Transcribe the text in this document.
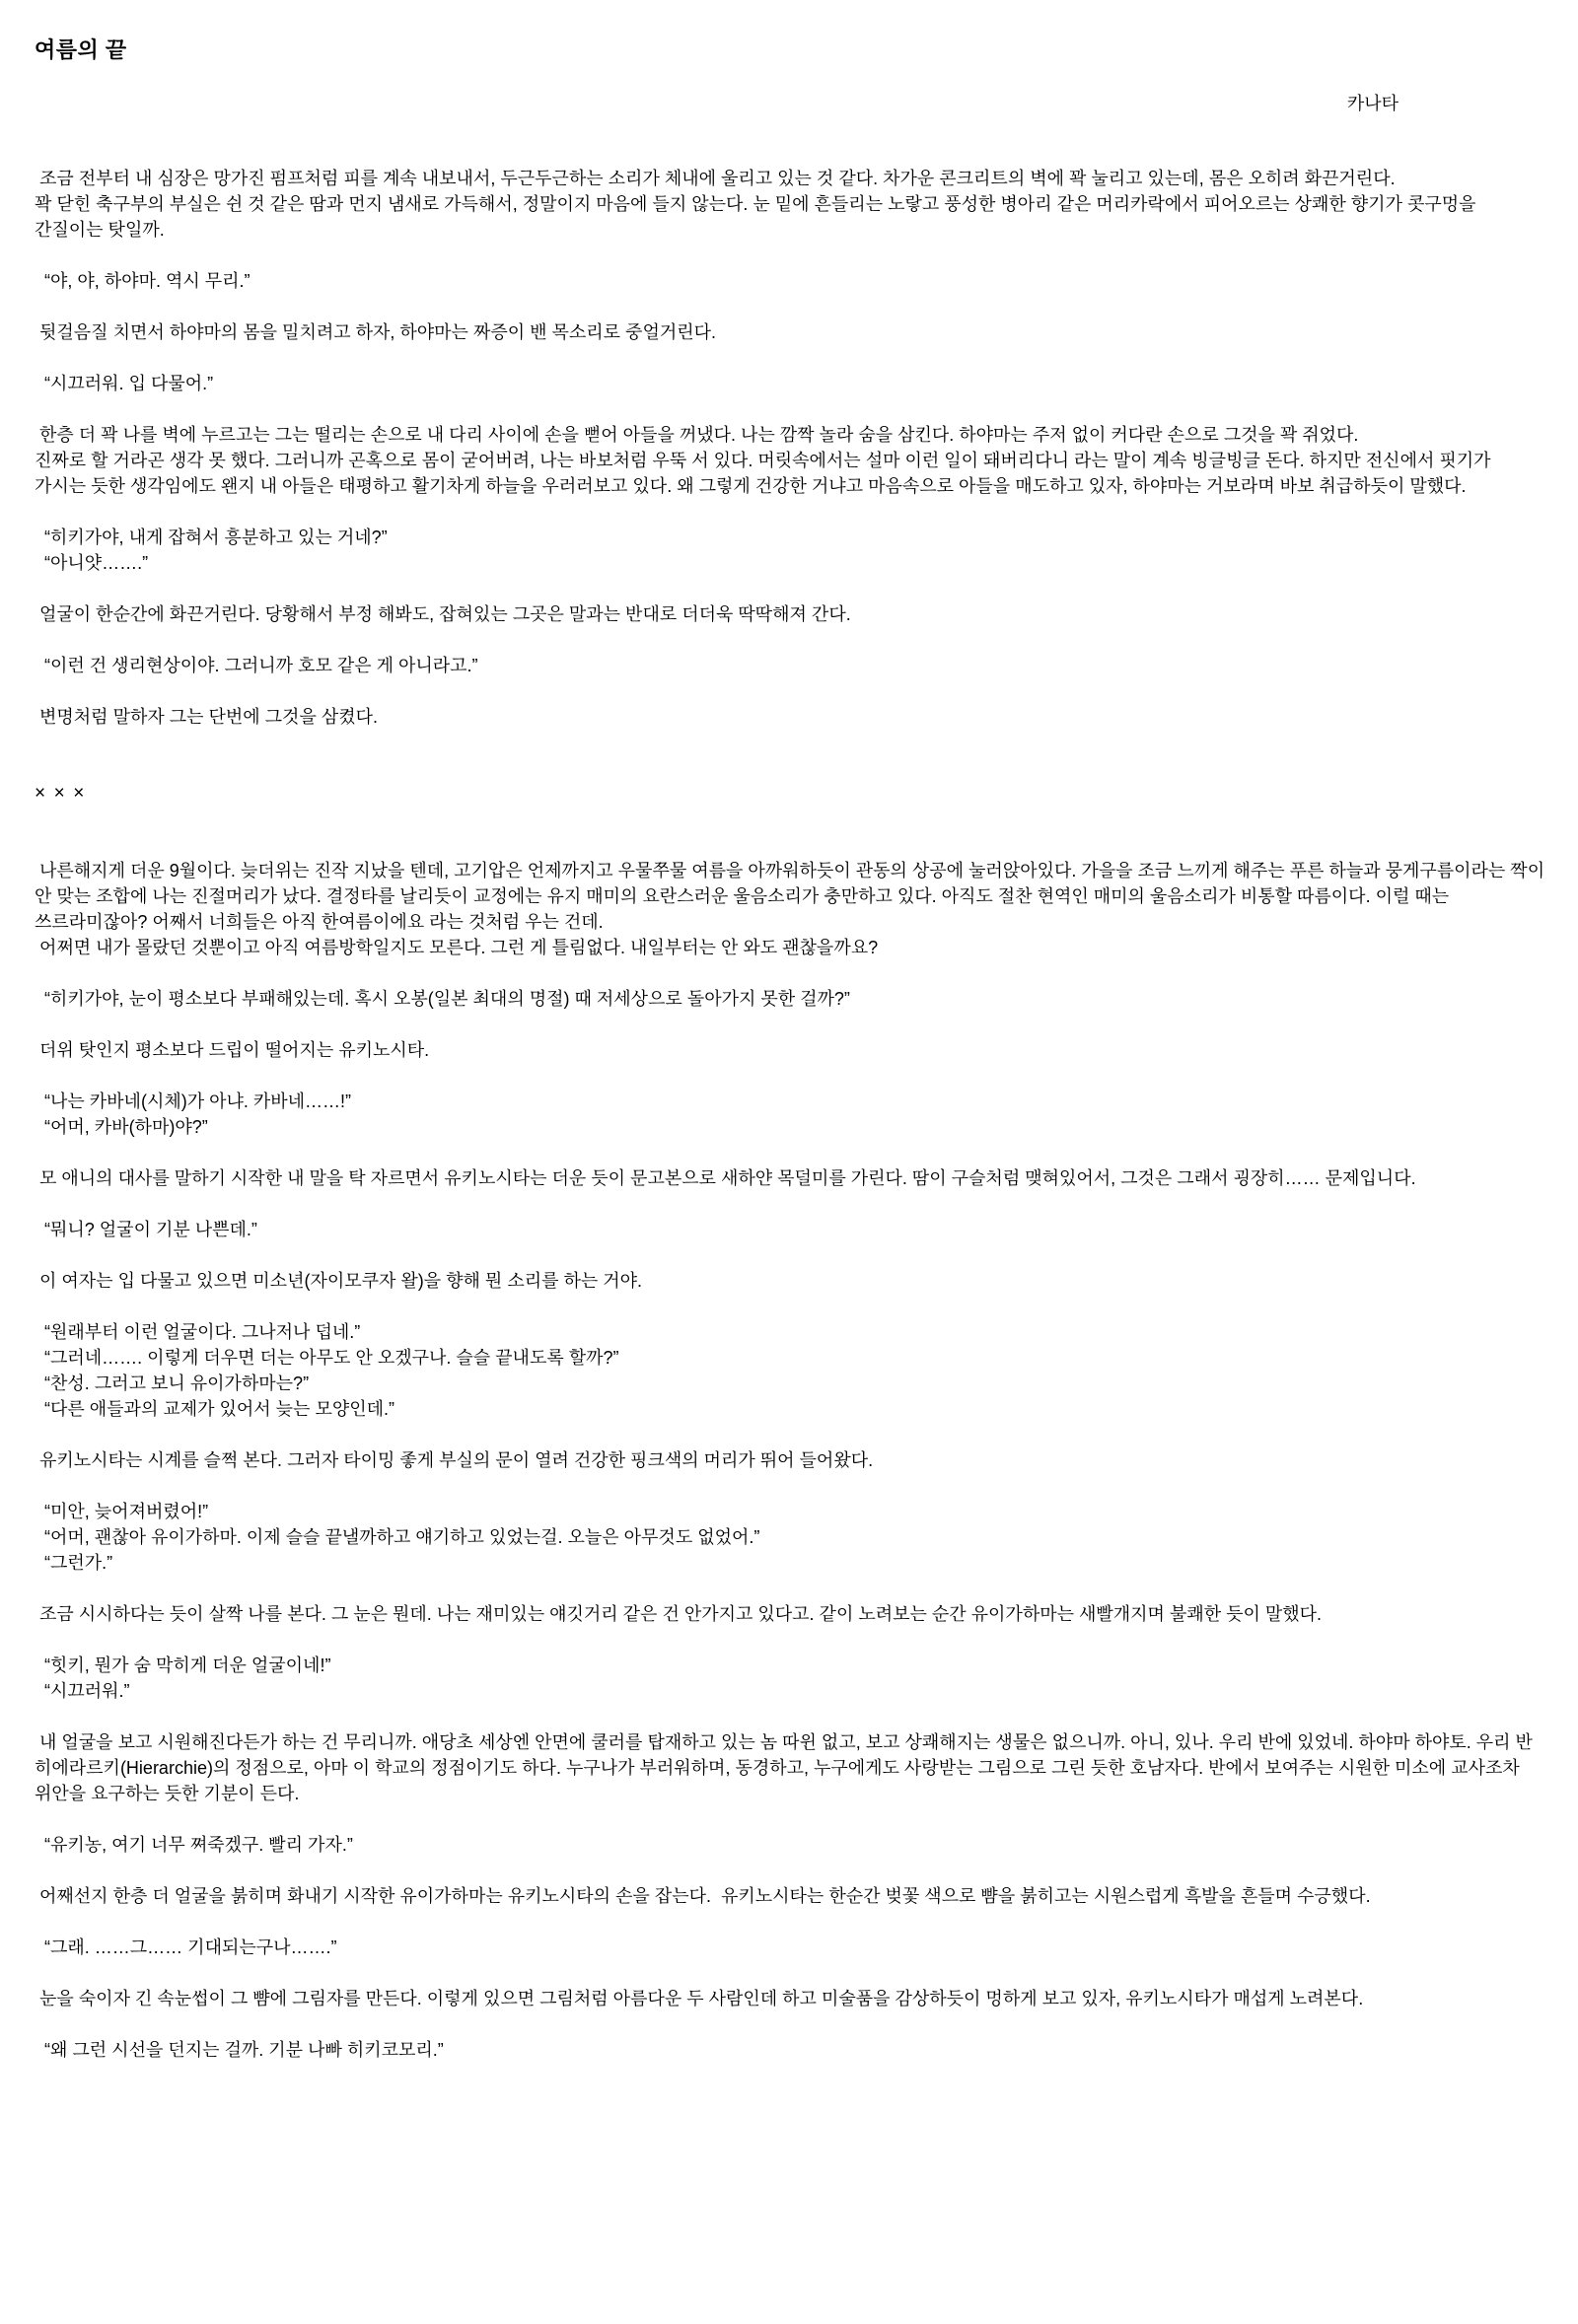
여름의 끝
카나타
조금 전부터 내 심장은 망가진 펌프처럼 피를 계속 내보내서, 두근두근하는 소리가 체내에 울리고 있는 것 같다. 차가운 콘크리트의 벽에 꽉 눌리고 있는데, 몸은 오히려 화끈거린다.
꽉 닫힌 축구부의 부실은 쉰 것 같은 땀과 먼지 냄새로 가득해서, 정말이지 마음에 들지 않는다. 눈 밑에 흔들리는 노랗고 풍성한 병아리 같은 머리카락에서 피어오르는 상쾌한 향기가 콧구멍을 간질이는 탓일까.
“야, 야, 하야마. 역시 무리.”
뒷걸음질 치면서 하야마의 몸을 밀치려고 하자, 하야마는 짜증이 밴 목소리로 중얼거린다.
“시끄러워. 입 다물어.”
한층 더 꽉 나를 벽에 누르고는 그는 떨리는 손으로 내 다리 사이에 손을 뻗어 아들을 꺼냈다. 나는 깜짝 놀라 숨을 삼킨다. 하야마는 주저 없이 커다란 손으로 그것을 꽉 쥐었다.
진짜로 할 거라곤 생각 못 했다. 그러니까 곤혹으로 몸이 굳어버려, 나는 바보처럼 우뚝 서 있다. 머릿속에서는 설마 이런 일이 돼버리다니 라는 말이 계속 빙글빙글 돈다. 하지만 전신에서 핏기가 가시는 듯한 생각임에도 왠지 내 아들은 태평하고 활기차게 하늘을 우러러보고 있다. 왜 그렇게 건강한 거냐고 마음속으로 아들을 매도하고 있자, 하야마는 거보라며 바보 취급하듯이 말했다.
“히키가야, 내게 잡혀서 흥분하고 있는 거네?”
“아니얏…….”
얼굴이 한순간에 화끈거린다. 당황해서 부정 해봐도, 잡혀있는 그곳은 말과는 반대로 더더욱 딱딱해져 간다.
“이런 건 생리현상이야. 그러니까 호모 같은 게 아니라고.”
변명처럼 말하자 그는 단번에 그것을 삼켰다.
×××
나른해지게 더운 9월이다. 늦더위는 진작 지났을 텐데, 고기압은 언제까지고 우물쭈물 여름을 아까워하듯이 관동의 상공에 눌러앉아있다. 가을을 조금 느끼게 해주는 푸른 하늘과 뭉게구름이라는 짝이 안 맞는 조합에 나는 진절머리가 났다. 결정타를 날리듯이 교정에는 유지 매미의 요란스러운 울음소리가 충만하고 있다. 아직도 절찬 현역인 매미의 울음소리가 비통할 따름이다. 이럴 때는 쓰르라미잖아? 어째서 너희들은 아직 한여름이에요 라는 것처럼 우는 건데.
어쩌면 내가 몰랐던 것뿐이고 아직 여름방학일지도 모른다. 그런 게 틀림없다. 내일부터는 안 와도 괜찮을까요?
“히키가야, 눈이 평소보다 부패해있는데. 혹시 오봉(일본 최대의 명절) 때 저세상으로 돌아가지 못한 걸까?”
더위 탓인지 평소보다 드립이 떨어지는 유키노시타.
“나는 카바네(시체)가 아냐. 카바네……!”
“어머, 카바(하마)야?”
모 애니의 대사를 말하기 시작한 내 말을 탁 자르면서 유키노시타는 더운 듯이 문고본으로 새하얀 목덜미를 가린다. 땀이 구슬처럼 맺혀있어서, 그것은 그래서 굉장히…… 문제입니다.
“뭐니? 얼굴이 기분 나쁜데.”
이 여자는 입 다물고 있으면 미소년(자이모쿠자 왈)을 향해 뭔 소리를 하는 거야.
“원래부터 이런 얼굴이다. 그나저나 덥네.”
“그러네……. 이렇게 더우면 더는 아무도 안 오겠구나. 슬슬 끝내도록 할까?”
“찬성. 그러고 보니 유이가하마는?”
“다른 애들과의 교제가 있어서 늦는 모양인데.”
유키노시타는 시계를 슬쩍 본다. 그러자 타이밍 좋게 부실의 문이 열려 건강한 핑크색의 머리가 뛰어 들어왔다.
“미안, 늦어져버렸어!”
“어머, 괜찮아 유이가하마. 이제 슬슬 끝낼까하고 얘기하고 있었는걸. 오늘은 아무것도 없었어.”
“그런가.”
조금 시시하다는 듯이 살짝 나를 본다. 그 눈은 뭔데. 나는 재미있는 얘깃거리 같은 건 안가지고 있다고. 같이 노려보는 순간 유이가하마는 새빨개지며 불쾌한 듯이 말했다.
“힛키, 뭔가 숨 막히게 더운 얼굴이네!”
“시끄러워.”
내 얼굴을 보고 시원해진다든가 하는 건 무리니까. 애당초 세상엔 안면에 쿨러를 탑재하고 있는 놈 따윈 없고, 보고 상쾌해지는 생물은 없으니까. 아니, 있나. 우리 반에 있었네. 하야마 하야토. 우리 반 히에라르키(Hierarchie)의 정점으로, 아마 이 학교의 정점이기도 하다. 누구나가 부러워하며, 동경하고, 누구에게도 사랑받는 그림으로 그린 듯한 호남자다. 반에서 보여주는 시원한 미소에 교사조차 위안을 요구하는 듯한 기분이 든다.
“유키농, 여기 너무 쪄죽겠구. 빨리 가자.”
어째선지 한층 더 얼굴을 붉히며 화내기 시작한 유이가하마는 유키노시타의 손을 잡는다.  유키노시타는 한순간 벚꽃 색으로 뺨을 붉히고는 시원스럽게 흑발을 흔들며 수긍했다.
“그래. ……그…… 기대되는구나…….”
눈을 숙이자 긴 속눈썹이 그 뺨에 그림자를 만든다. 이렇게 있으면 그림처럼 아름다운 두 사람인데 하고 미술품을 감상하듯이 멍하게 보고 있자, 유키노시타가 매섭게 노려본다.
“왜 그런 시선을 던지는 걸까. 기분 나빠 히키코모리.”
